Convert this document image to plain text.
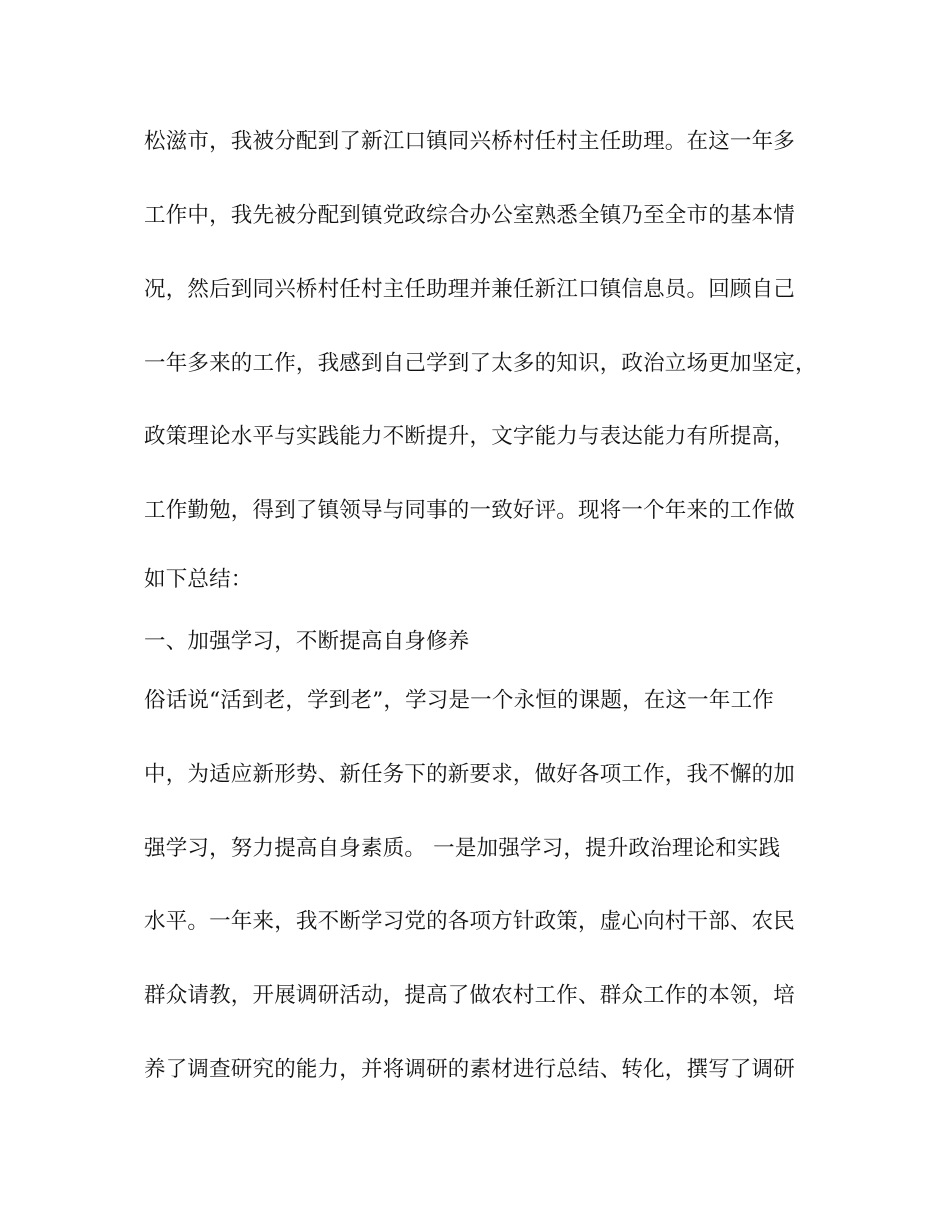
松滋市，我被分配到了新江口镇同兴桥村任村主任助理。在这一年多
工作中，我先被分配到镇党政综合办公室熟悉全镇乃至全市的基本情
况，然后到同兴桥村任村主任助理并兼任新江口镇信息员。回顾自己
一年多来的工作，我感到自己学到了太多的知识，政治立场更加坚定，
政策理论水平与实践能力不断提升，文字能力与表达能力有所提高，
工作勤勉，得到了镇领导与同事的一致好评。现将一个年来的工作做
如下总结：
一、加强学习，不断提高自身修养
俗话说“活到老，学到老”，学习是一个永恒的课题，在这一年工作
中，为适应新形势、新任务下的新要求，做好各项工作，我不懈的加
强学习，努力提高自身素质。 一是加强学习，提升政治理论和实践
水平。一年来，我不断学习党的各项方针政策，虚心向村干部、农民
群众请教，开展调研活动，提高了做农村工作、群众工作的本领，培
养了调查研究的能力，并将调研的素材进行总结、转化，撰写了调研
